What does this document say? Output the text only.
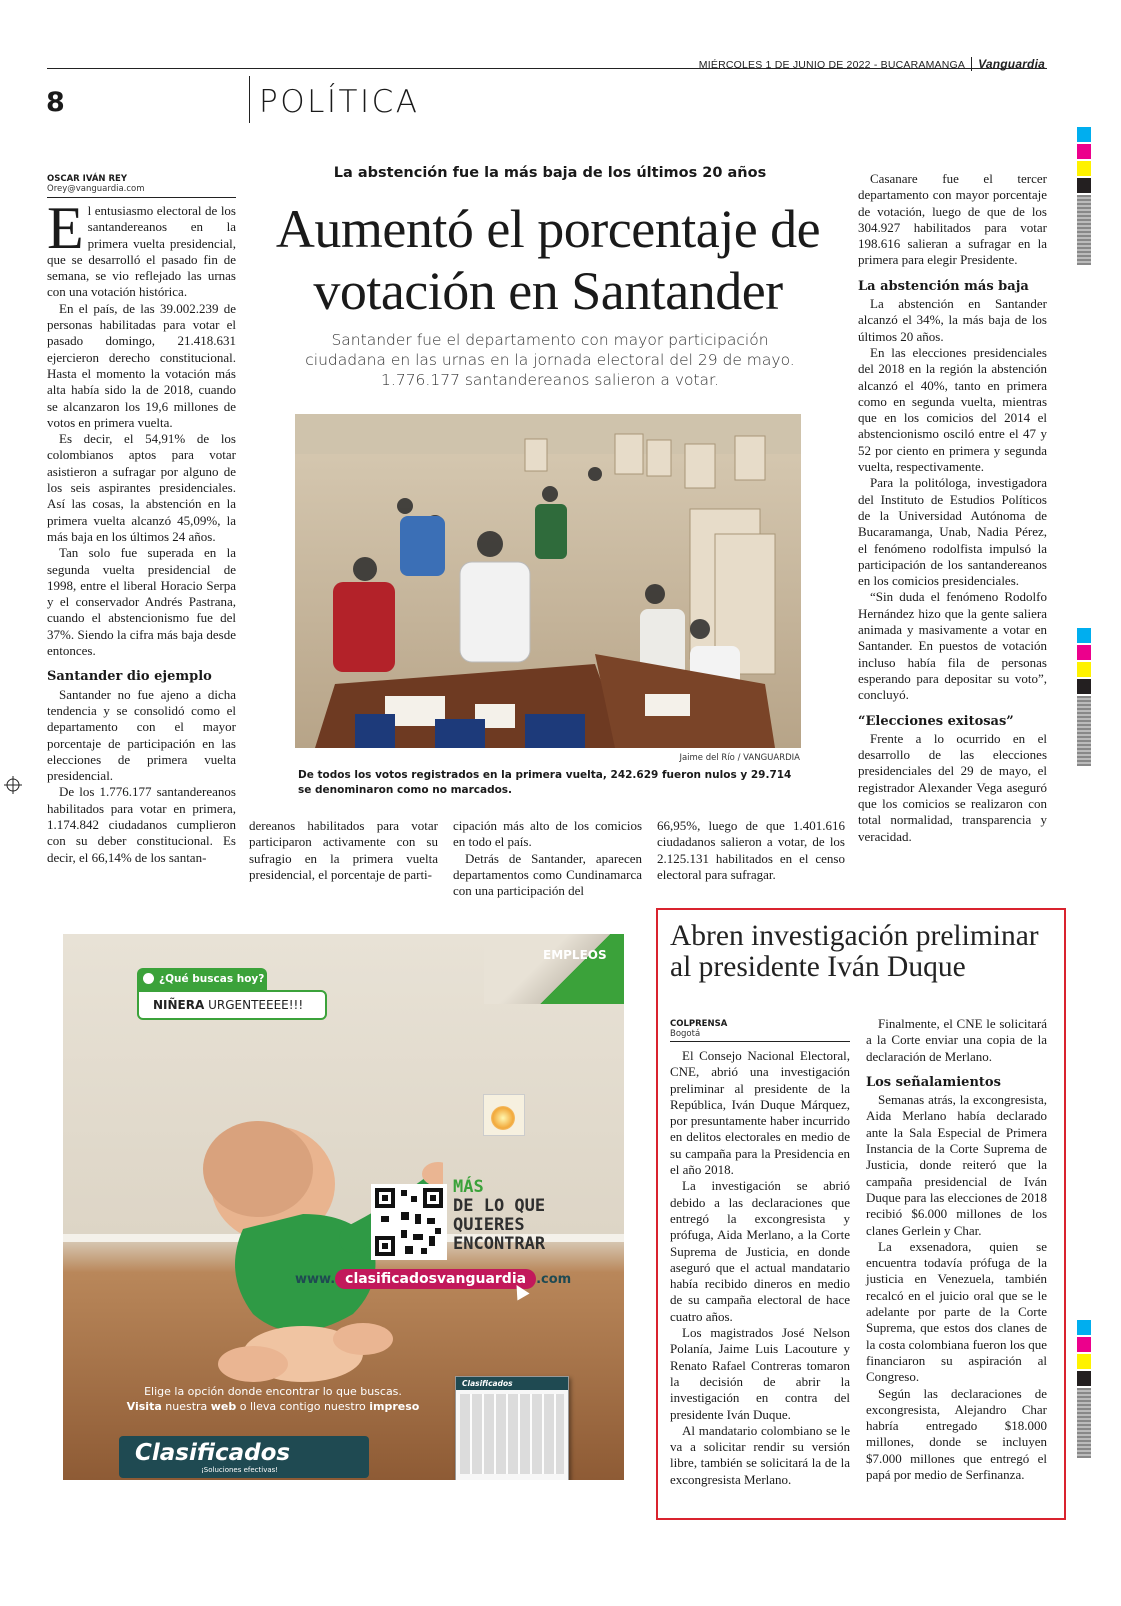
MIÉRCOLES 1 DE JUNIO DE 2022 - BUCARAMANGA Vanguardia
8	POLÍTICA
OSCAR IVÁN REY
Orey@vanguardia.com

El entusiasmo electoral de los santandereanos en la primera vuelta presidencial, que se desarrolló el pasado fin de semana, se vio reflejado las urnas con una votación histórica.

En el país, de las 39.002.239 de personas habilitadas para votar el pasado domingo, 21.418.631 ejercieron derecho constitucional. Hasta el momento la votación más alta había sido la de 2018, cuando se alcanzaron los 19,6 millones de votos en primera vuelta.

Es decir, el 54,91% de los colombianos aptos para votar asistieron a sufragar por alguno de los seis aspirantes presidenciales. Así las cosas, la abstención en la primera vuelta alcanzó 45,09%, la más baja en los últimos 24 años.

Tan solo fue superada en la segunda vuelta presidencial de 1998, entre el liberal Horacio Serpa y el conservador Andrés Pastrana, cuando el abstencionismo fue del 37%. Siendo la cifra más baja desde entonces.

Santander dio ejemplo

Santander no fue ajeno a dicha tendencia y se consolidó como el departamento con el mayor porcentaje de participación en las elecciones de primera vuelta presidencial.

De los 1.776.177 santandereanos habilitados para votar en primera, 1.174.842 ciudadanos cumplieron con su deber constitucional. Es decir, el 66,14% de los santan-

La abstención fue la más baja de los últimos 20 años
Aumentó el porcentaje de votación en Santander
Santander fue el departamento con mayor participación ciudadana en las urnas en la jornada electoral del 29 de mayo. 1.776.177 santandereanos salieron a votar.
Jaime del Río / VANGUARDIA
De todos los votos registrados en la primera vuelta, 242.629 fueron nulos y 29.714 se denominaron como no marcados.

dereanos habilitados para votar participaron activamente con su sufragio en la primera vuelta presidencial, el porcentaje de parti-

cipación más alto de los comicios en todo el país.

Detrás de Santander, aparecen departamentos como Cundinamarca con una participación del

66,95%, luego de que 1.401.616 ciudadanos salieron a votar, de los 2.125.131 habilitados en el censo electoral para sufragar.

Casanare fue el tercer departamento con mayor porcentaje de votación, luego de que de los 304.927 habilitados para votar 198.616 salieran a sufragar en la primera para elegir Presidente.

La abstención más baja

La abstención en Santander alcanzó el 34%, la más baja de los últimos 20 años.

En las elecciones presidenciales del 2018 en la región la abstención alcanzó el 40%, tanto en primera como en segunda vuelta, mientras que en los comicios del 2014 el abstencionismo osciló entre el 47 y 52 por ciento en primera y segunda vuelta, respectivamente.

Para la politóloga, investigadora del Instituto de Estudios Políticos de la Universidad Autónoma de Bucaramanga, Unab, Nadia Pérez, el fenómeno rodolfista impulsó la participación de los santandereanos en los comicios presidenciales.

“Sin duda el fenómeno Rodolfo Hernández hizo que la gente saliera animada y masivamente a votar en Santander. En puestos de votación incluso había fila de personas esperando para depositar su voto”, concluyó.

“Elecciones exitosas”

Frente a lo ocurrido en el desarrollo de las elecciones presidenciales del 29 de mayo, el registrador Alexander Vega aseguró que los comicios se realizaron con total normalidad, transparencia y veracidad.

Abren investigación preliminar al presidente Iván Duque
COLPRENSA
Bogotá

El Consejo Nacional Electoral, CNE, abrió una investigación preliminar al presidente de la República, Iván Duque Márquez, por presuntamente haber incurrido en delitos electorales en medio de su campaña para la Presidencia en el año 2018.

La investigación se abrió debido a las declaraciones que entregó la excongresista y prófuga, Aida Merlano, a la Corte Suprema de Justicia, en donde aseguró que el actual mandatario había recibido dineros en medio de su campaña electoral de hace cuatro años.

Los magistrados José Nelson Polanía, Jaime Luis Lacouture y Renato Rafael Contreras tomaron la decisión de abrir la investigación en contra del presidente Iván Duque.

Al mandatario colombiano se le va a solicitar rendir su versión libre, también se solicitará la de la excongresista Merlano.

Finalmente, el CNE le solicitará a la Corte enviar una copia de la declaración de Merlano.

Los señalamientos

Semanas atrás, la excongresista, Aida Merlano había declarado ante la Sala Especial de Primera Instancia de la Corte Suprema de Justicia, donde reiteró que la campaña presidencial de Iván Duque para las elecciones de 2018 recibió $6.000 millones de los clanes Gerlein y Char.

La exsenadora, quien se encuentra todavía prófuga de la justicia en Venezuela, también recalcó en el juicio oral que se le adelante por parte de la Corte Suprema, que estos dos clanes de la costa colombiana fueron los que financiaron su aspiración al Congreso.

Según las declaraciones de excongresista, Alejandro Char habría entregado $18.000 millones, donde se incluyen $7.000 millones que entregó el papá por medio de Serfinanza.

EMPLEOS
¿Qué buscas hoy?
NIÑERA URGENTEEEE!!!
MÁS
DE LO QUE
QUIERES
ENCONTRAR
www. clasificadosvanguardia .com
Elige la opción donde encontrar lo que buscas.
Visita nuestra web o lleva contigo nuestro impreso
Clasificados
¡Soluciones efectivas!
Clasificados
